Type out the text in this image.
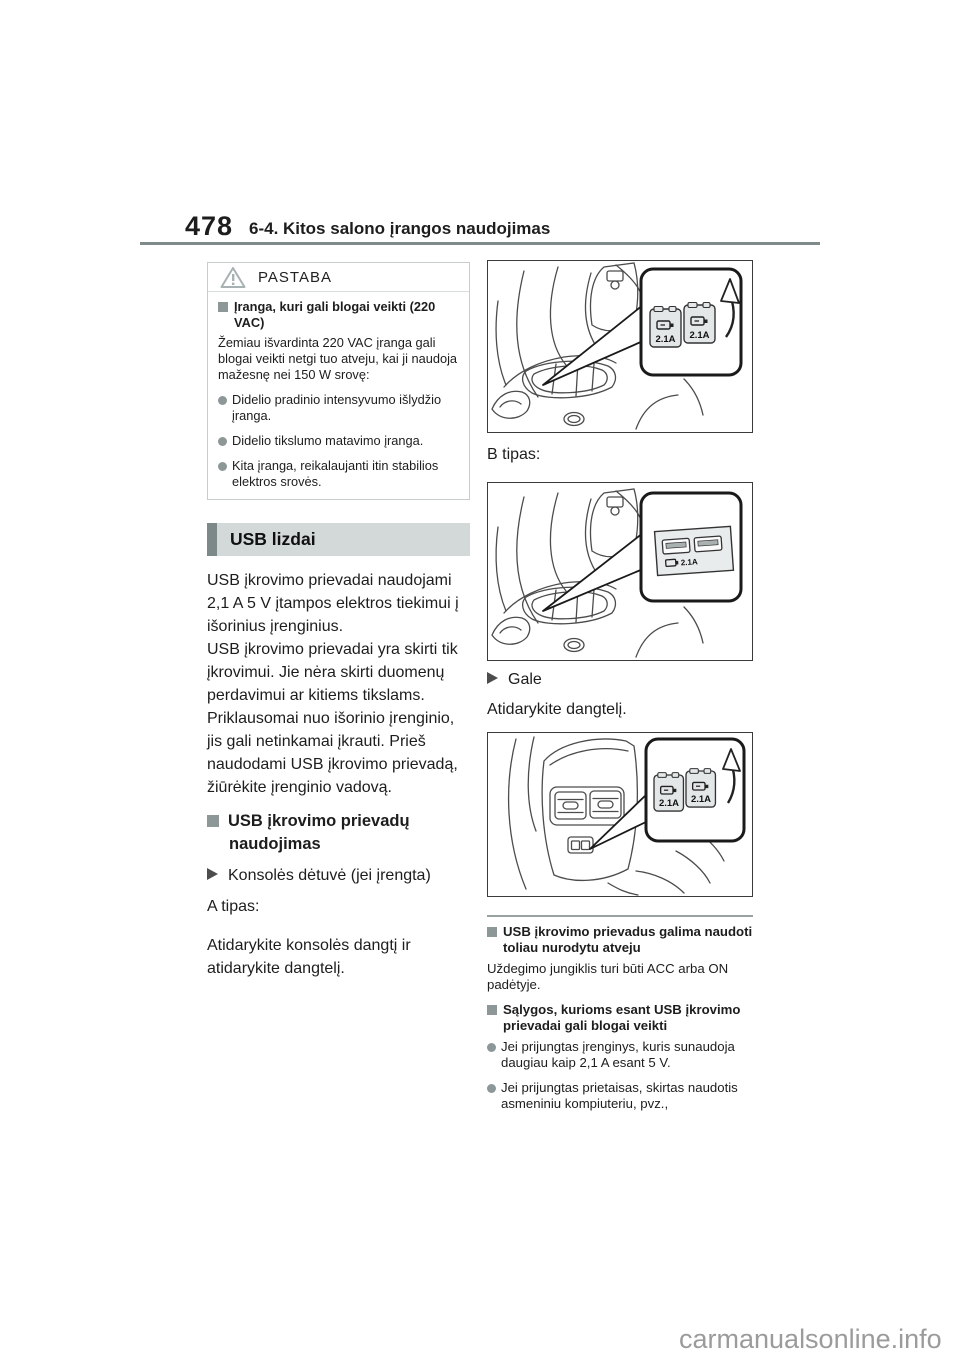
478 6-4. Kitos salono įrangos naudojimas
PASTABA

Įranga, kuri gali blogai veikti (220 VAC)

Žemiau išvardinta 220 VAC įranga gali blogai veikti netgi tuo atveju, kai ji naudoja mažesnę nei 150 W srovę:

Didelio pradinio intensyvumo išlydžio įranga.

Didelio tikslumo matavimo įranga.

Kita įranga, reikalaujanti itin stabilios elektros srovės.

USB lizdai

USB įkrovimo prievadai naudojami 2,1 A 5 V įtampos elektros tiekimui į išorinius įrenginius.

USB įkrovimo prievadai yra skirti tik įkrovimui. Jie nėra skirti duomenų perdavimui ar kitiems tikslams. Priklausomai nuo išorinio įrenginio, jis gali netinkamai įkrauti. Prieš naudodami USB įkrovimo prievadą, žiūrėkite įrenginio vadovą.

USB įkrovimo prievadų naudojimas
Konsolės dėtuvė (jei įrengta)

A tipas:

Atidarykite konsolės dangtį ir atidarykite dangtelį.

2.1A 2.1A

B tipas:

2.1A
Gale

Atidarykite dangtelį.

2.1A 2.1A

USB įkrovimo prievadus galima naudoti toliau nurodytu atveju

Uždegimo jungiklis turi būti ACC arba ON padėtyje.

Sąlygos, kurioms esant USB įkrovimo prievadai gali blogai veikti

Jei prijungtas įrenginys, kuris sunaudoja daugiau kaip 2,1 A esant 5 V.

Jei prijungtas prietaisas, skirtas naudotis asmeniniu kompiuteriu, pvz.,

carmanualsonline.info
